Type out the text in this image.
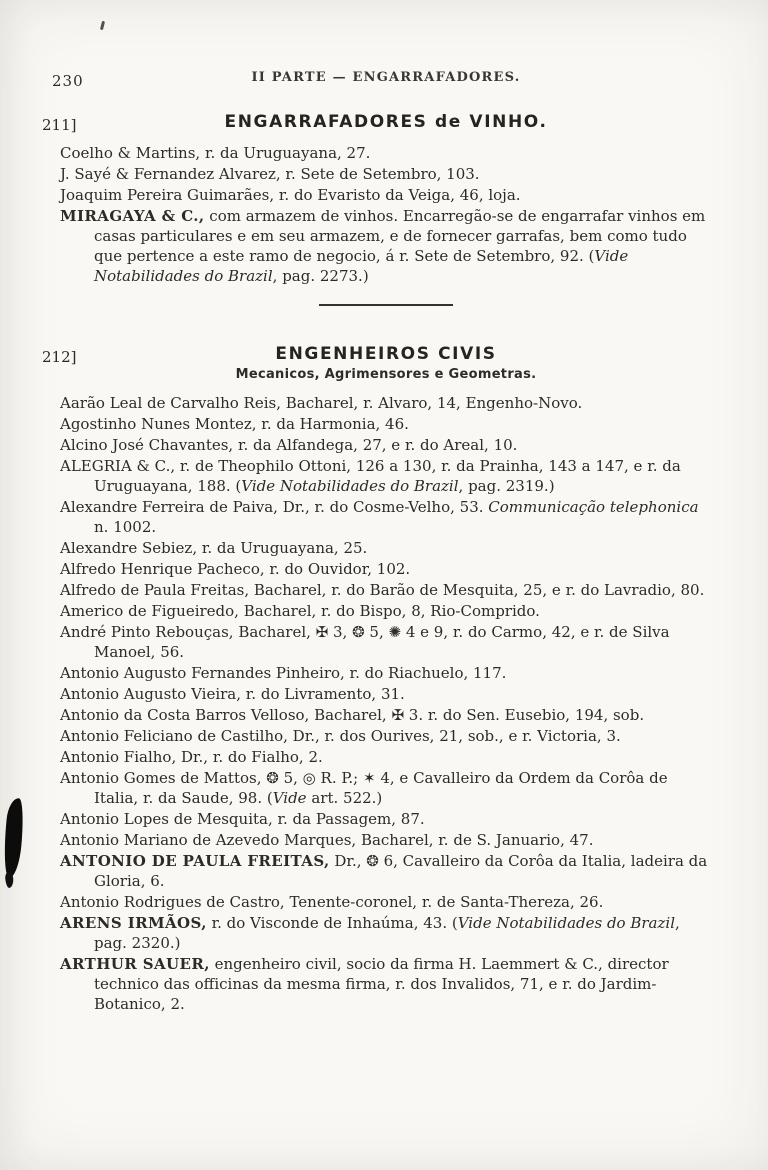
230	II PARTE — ENGARRAFADORES.
211]	ENGARRAFADORES de VINHO.

Coelho & Martins, r. da Uruguayana, 27.

J. Sayé & Fernandez Alvarez, r. Sete de Setembro, 103.

Joaquim Pereira Guimarães, r. do Evaristo da Veiga, 46, loja.

MIRAGAYA & C., com armazem de vinhos. Encarregão-se de engarrafar vinhos em casas particulares e em seu armazem, e de fornecer garrafas, bem como tudo que pertence a este ramo de negocio, á r. Sete de Setembro, 92. (Vide Notabilidades do Brazil, pag. 2273.)

212]	ENGENHEIROS CIVIS
Mecanicos, Agrimensores e Geometras.

Aarão Leal de Carvalho Reis, Bacharel, r. Alvaro, 14, Engenho-Novo.

Agostinho Nunes Montez, r. da Harmonia, 46.

Alcino José Chavantes, r. da Alfandega, 27, e r. do Areal, 10.

ALEGRIA & C., r. de Theophilo Ottoni, 126 a 130, r. da Prainha, 143 a 147, e r. da Uruguayana, 188. (Vide Notabilidades do Brazil, pag. 2319.)

Alexandre Ferreira de Paiva, Dr., r. do Cosme-Velho, 53. Communicação telephonica n. 1002.

Alexandre Sebiez, r. da Uruguayana, 25.

Alfredo Henrique Pacheco, r. do Ouvidor, 102.

Alfredo de Paula Freitas, Bacharel, r. do Barão de Mesquita, 25, e r. do Lavradio, 80.

Americo de Figueiredo, Bacharel, r. do Bispo, 8, Rio-Comprido.

André Pinto Rebouças, Bacharel, ✠ 3, ❂ 5, ✺ 4 e 9, r. do Carmo, 42, e r. de Silva Manoel, 56.

Antonio Augusto Fernandes Pinheiro, r. do Riachuelo, 117.

Antonio Augusto Vieira, r. do Livramento, 31.

Antonio da Costa Barros Velloso, Bacharel, ✠ 3. r. do Sen. Eusebio, 194, sob.

Antonio Feliciano de Castilho, Dr., r. dos Ourives, 21, sob., e r. Victoria, 3.

Antonio Fialho, Dr., r. do Fialho, 2.

Antonio Gomes de Mattos, ❂ 5, ◎ R. P.; ✶ 4, e Cavalleiro da Ordem da Corôa de Italia, r. da Saude, 98. (Vide art. 522.)

Antonio Lopes de Mesquita, r. da Passagem, 87.

Antonio Mariano de Azevedo Marques, Bacharel, r. de S. Januario, 47.

ANTONIO DE PAULA FREITAS, Dr., ❂ 6, Cavalleiro da Corôa da Italia, ladeira da Gloria, 6.

Antonio Rodrigues de Castro, Tenente-coronel, r. de Santa-Thereza, 26.

ARENS IRMÃOS, r. do Visconde de Inhaúma, 43. (Vide Notabilidades do Brazil, pag. 2320.)

ARTHUR SAUER, engenheiro civil, socio da firma H. Laemmert & C., director technico das officinas da mesma firma, r. dos Invalidos, 71, e r. do Jardim-Botanico, 2.
